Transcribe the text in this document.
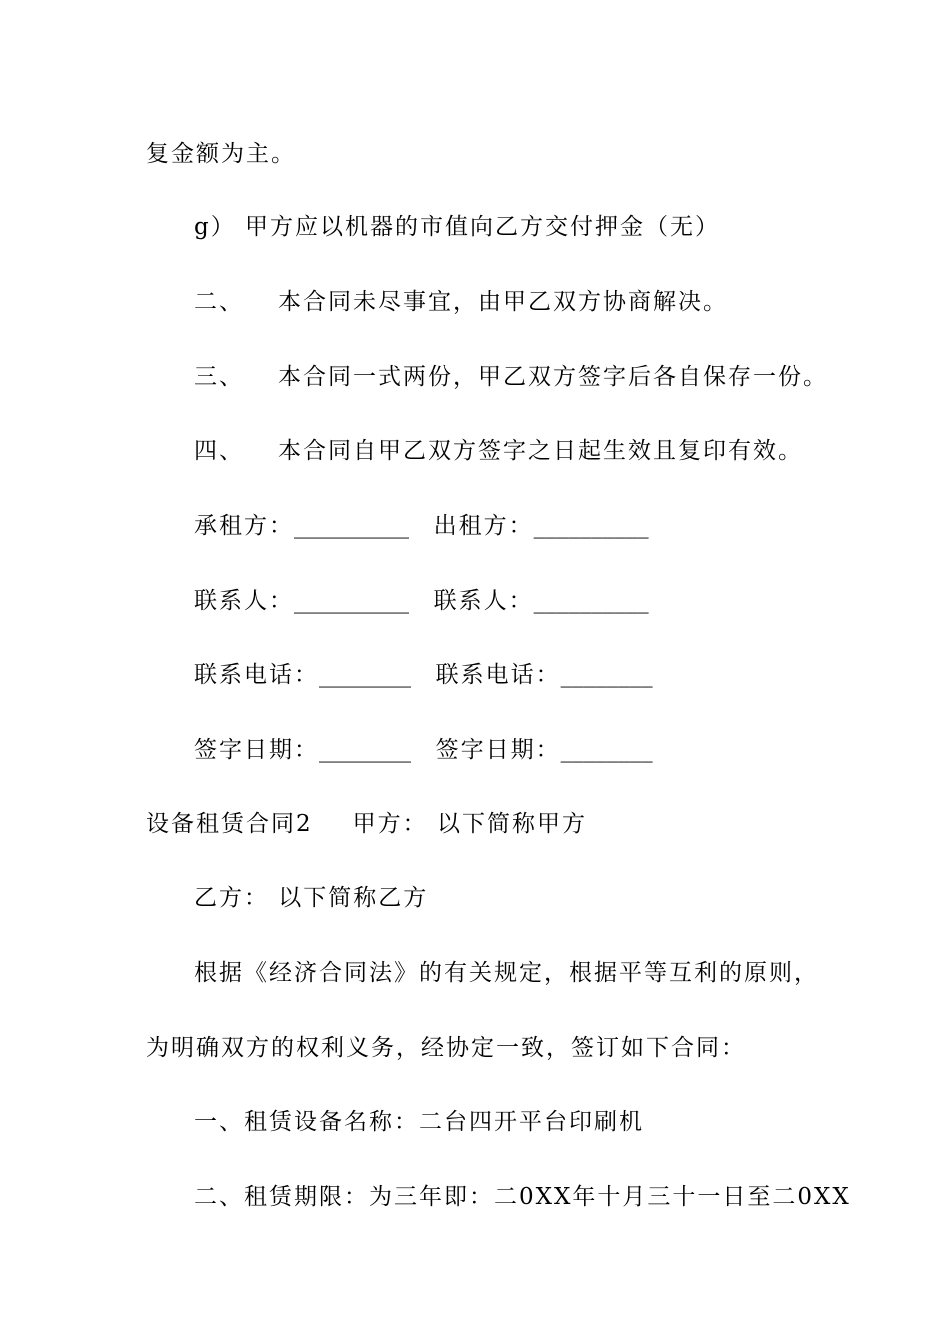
复金额为主。
g） 甲方应以机器的市值向乙方交付押金（无）
二、 本合同未尽事宜，由甲乙双方协商解决。
三、 本合同一式两份，甲乙双方签字后各自保存一份。
四、 本合同自甲乙双方签字之日起生效且复印有效。
承租方：__________ 出租方：__________
联系人：__________ 联系人：__________
联系电话：________ 联系电话：________
签字日期：________ 签字日期：________
设备租赁合同2 甲方： 以下简称甲方
乙方： 以下简称乙方
根据《经济合同法》的有关规定，根据平等互利的原则，
为明确双方的权利义务，经协定一致，签订如下合同：
一、租赁设备名称：二台四开平台印刷机
二、租赁期限：为三年即：二0XX年十月三十一日至二0XX
